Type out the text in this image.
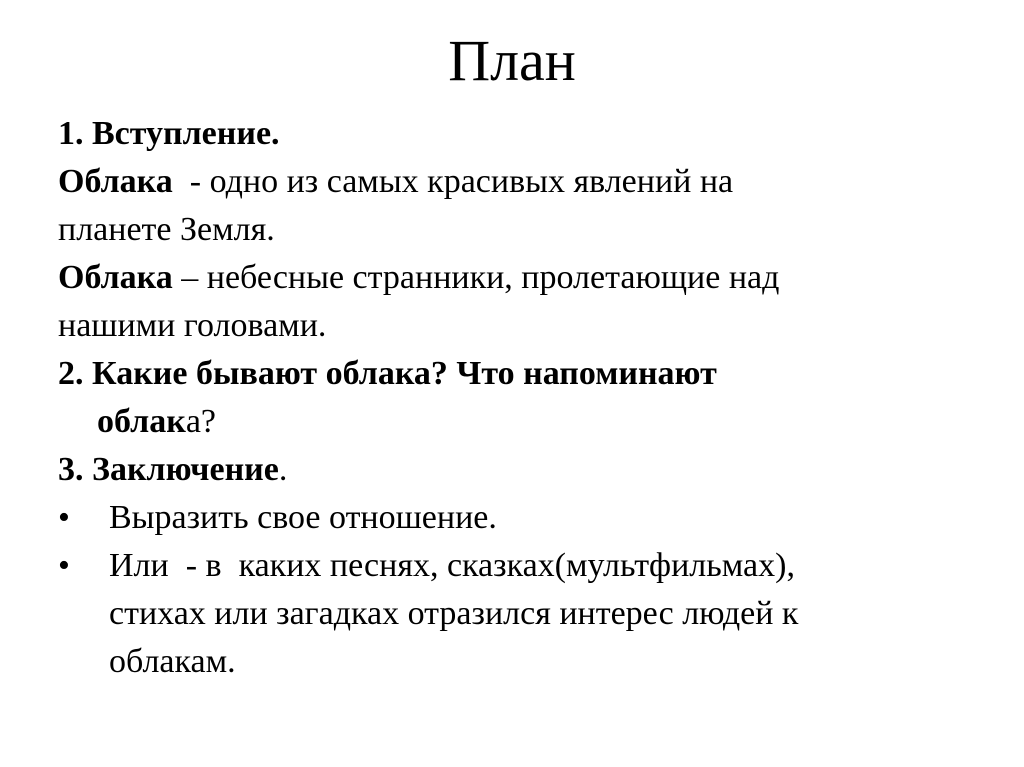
План
1. Вступление.
Облака  - одно из самых красивых явлений на
планете Земля.
Облака – небесные странники, пролетающие над
нашими головами.
2. Какие бывают облака? Что напоминают
облака?
3. Заключение.
• Выразить свое отношение.
• Или  - в  каких песнях, сказках(мультфильмах),
стихах или загадках отразился интерес людей к
облакам.
